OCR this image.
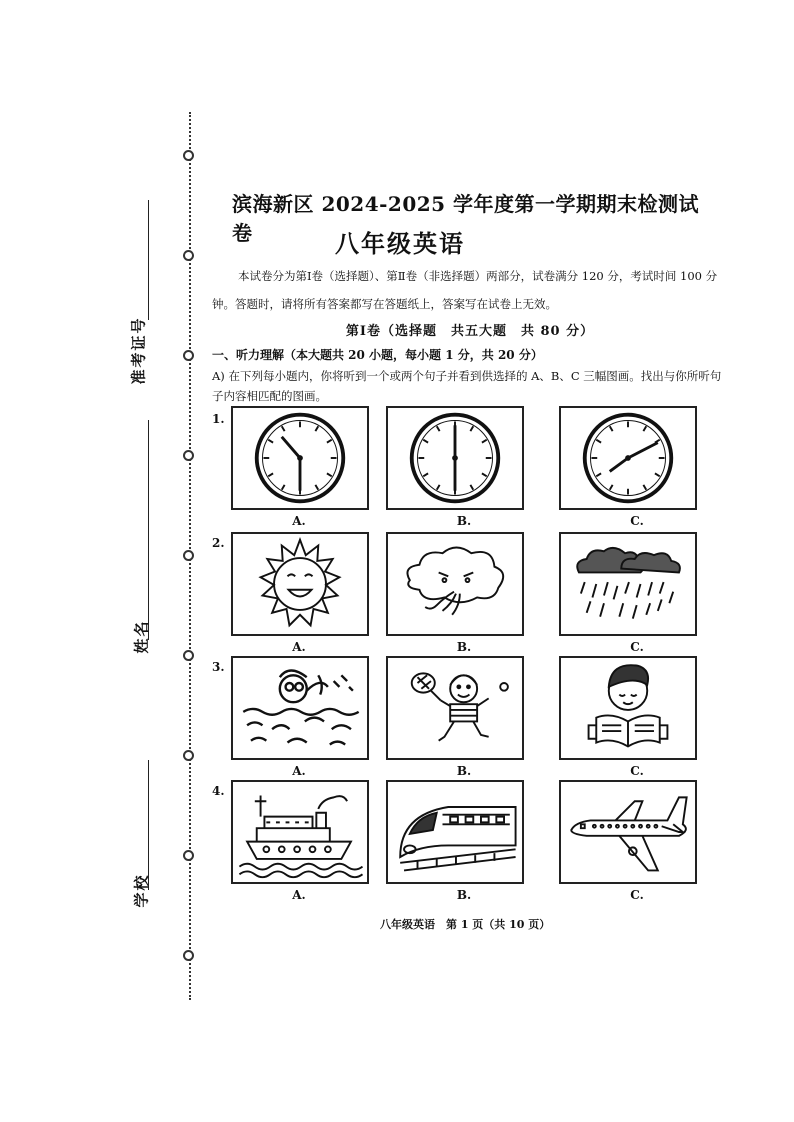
准考证号
姓名
学校
滨海新区 2024-2025 学年度第一学期期末检测试卷	八年级英语
本试卷分为第Ⅰ卷（选择题）、第Ⅱ卷（非选择题）两部分，试卷满分 120 分，考试时间 100 分钟。答题时，请将所有答案都写在答题纸上，答案写在试卷上无效。
第Ⅰ卷（选择题　共五大题　共 80 分）
一、听力理解（本大题共 20 小题，每小题 1 分，共 20 分）
A) 在下列每小题内，你将听到一个或两个句子并看到供选择的 A、B、C 三幅图画。找出与你所听句子内容相匹配的图画。
1.
A.	B.	C.
2.
A.	B.	C.
3.
A.	B.	C.
4.
A.	B.	C.
八年级英语　第 1 页（共 10 页）
